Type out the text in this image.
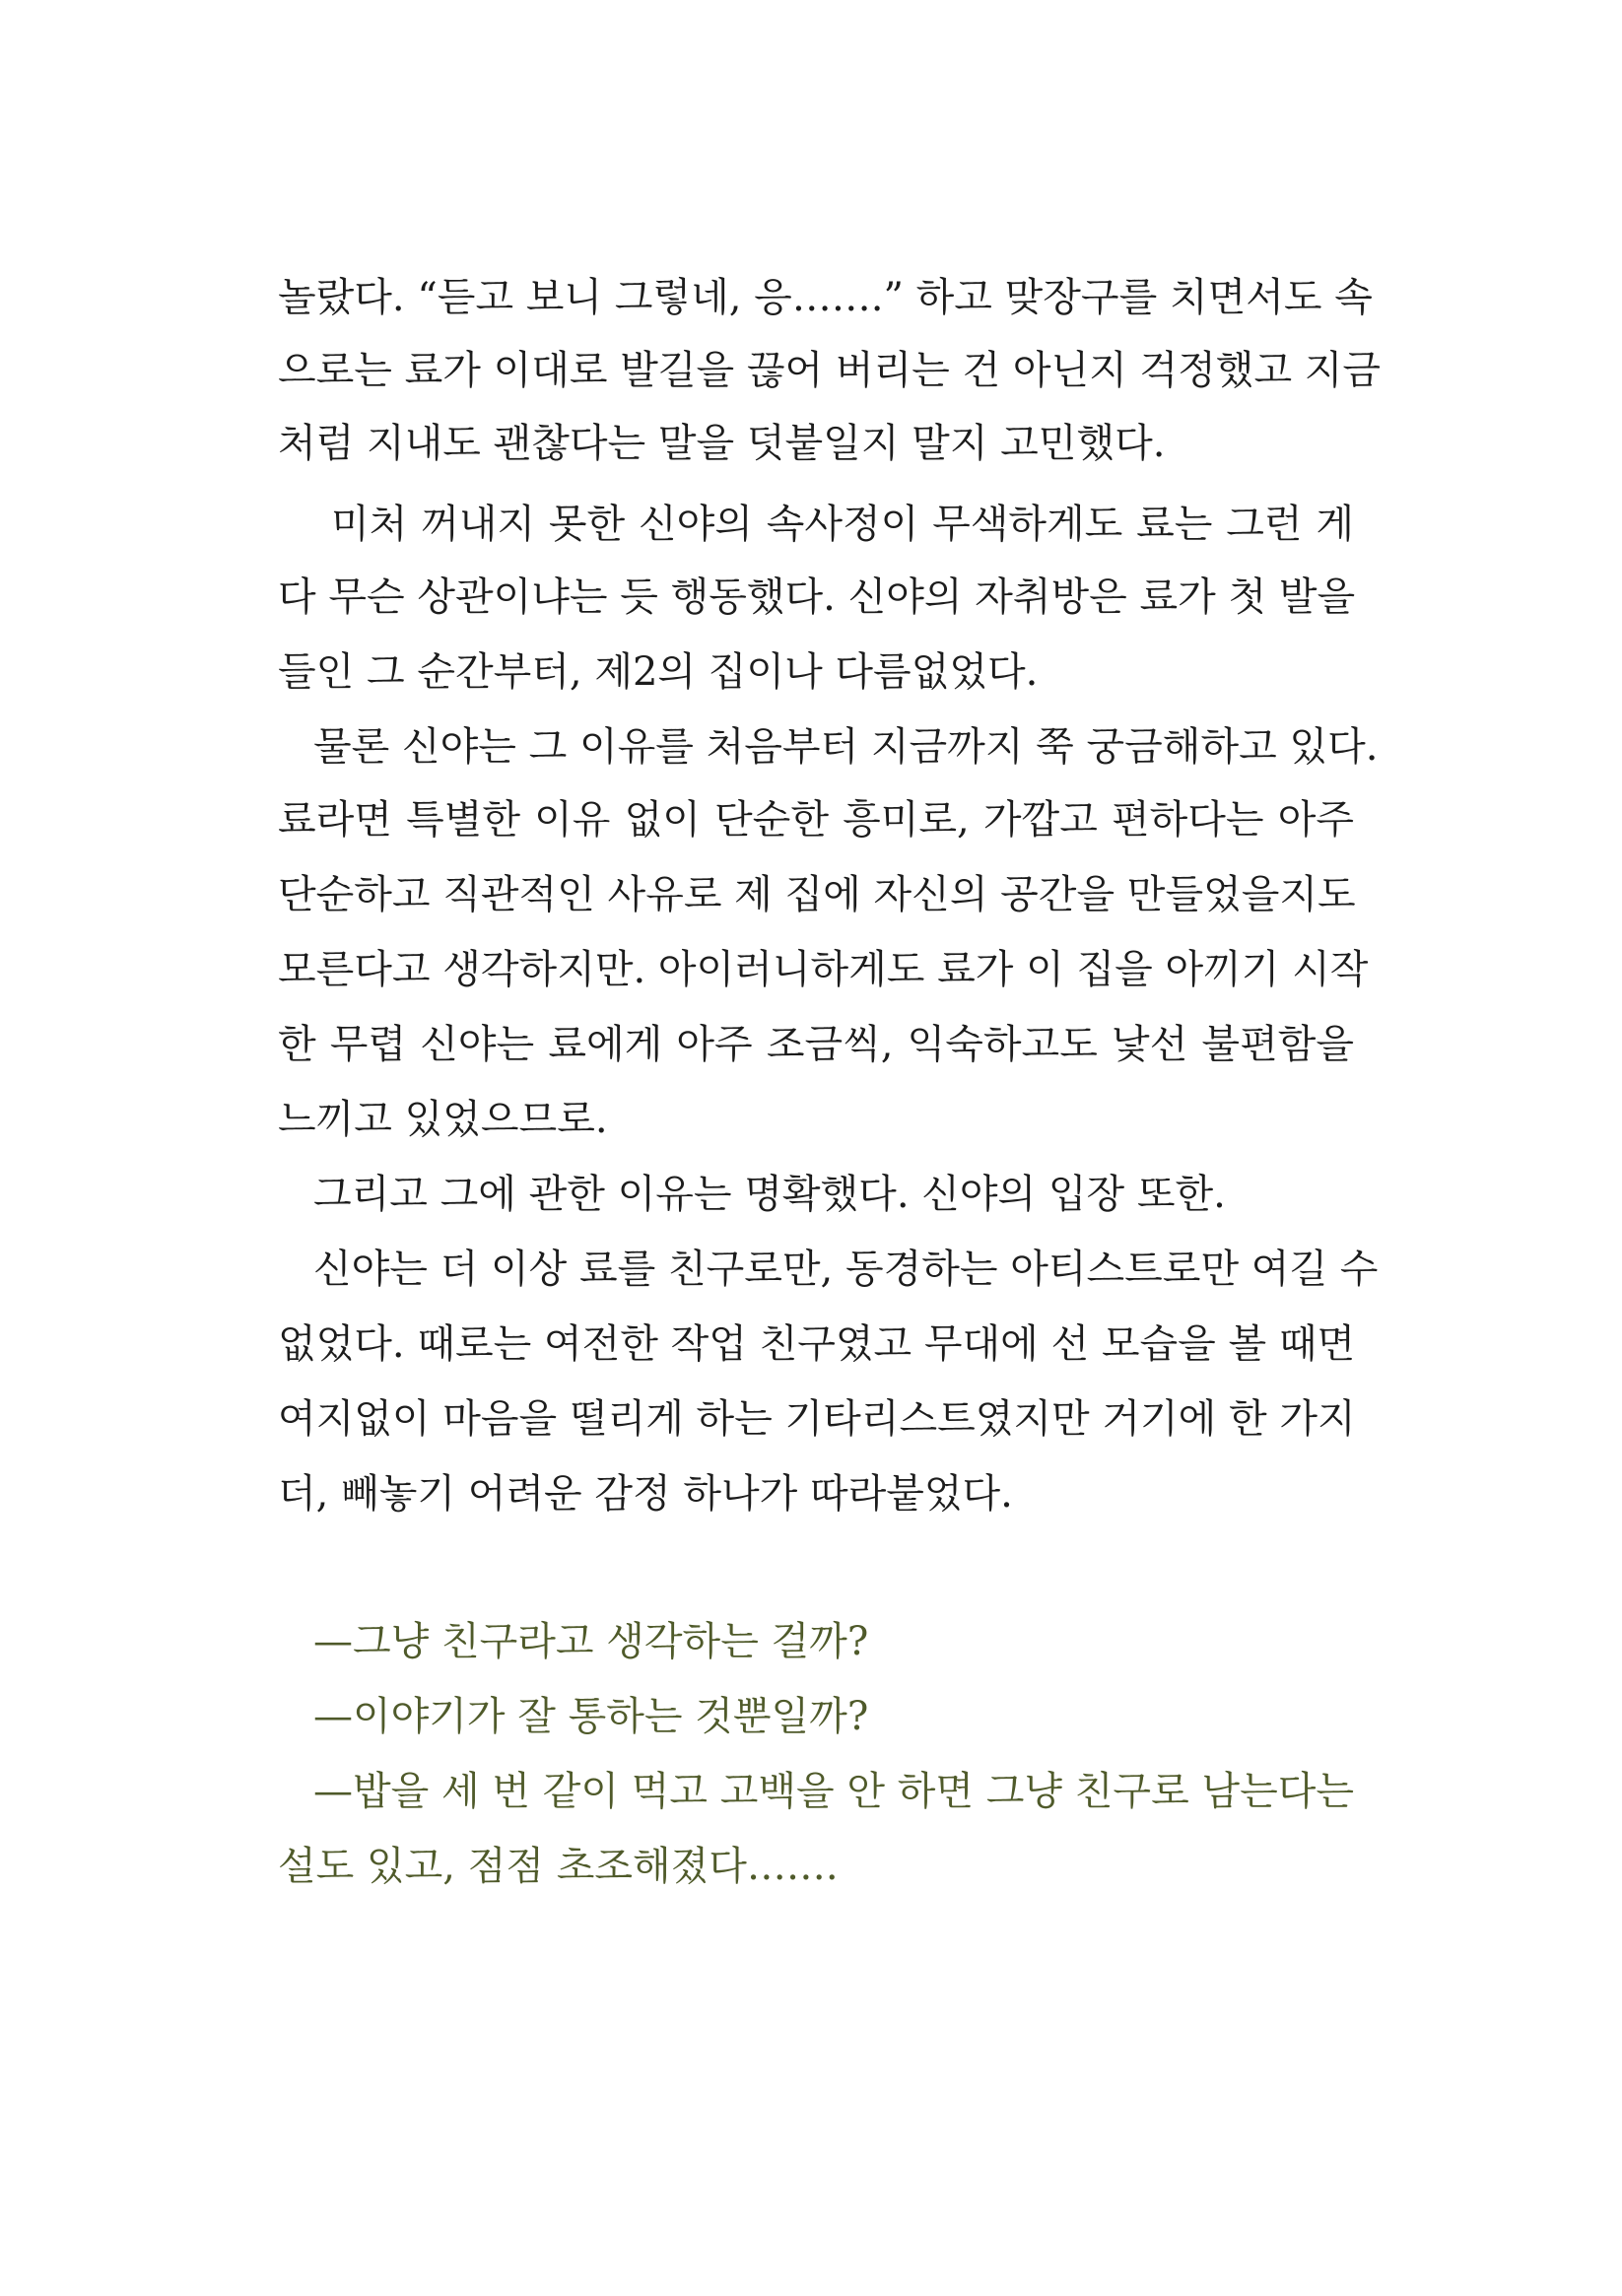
놀랐다. “듣고 보니 그렇네, 응…….” 하고 맞장구를 치면서도 속
으로는 료가 이대로 발길을 끊어 버리는 건 아닌지 걱정했고 지금
처럼 지내도 괜찮다는 말을 덧붙일지 말지 고민했다.
미처 꺼내지 못한 신야의 속사정이 무색하게도 료는 그런 게
다 무슨 상관이냐는 듯 행동했다. 신야의 자취방은 료가 첫 발을
들인 그 순간부터, 제2의 집이나 다름없었다.
물론 신야는 그 이유를 처음부터 지금까지 쭉 궁금해하고 있다.
료라면 특별한 이유 없이 단순한 흥미로, 가깝고 편하다는 아주
단순하고 직관적인 사유로 제 집에 자신의 공간을 만들었을지도
모른다고 생각하지만. 아이러니하게도 료가 이 집을 아끼기 시작
한 무렵 신야는 료에게 아주 조금씩, 익숙하고도 낯선 불편함을
느끼고 있었으므로.
그리고 그에 관한 이유는 명확했다. 신야의 입장 또한.
신야는 더 이상 료를 친구로만, 동경하는 아티스트로만 여길 수
없었다. 때로는 여전한 작업 친구였고 무대에 선 모습을 볼 때면
여지없이 마음을 떨리게 하는 기타리스트였지만 거기에 한 가지
더, 빼놓기 어려운 감정 하나가 따라붙었다.
—그냥 친구라고 생각하는 걸까?
—이야기가 잘 통하는 것뿐일까?
—밥을 세 번 같이 먹고 고백을 안 하면 그냥 친구로 남는다는
설도 있고, 점점 초조해졌다…….
